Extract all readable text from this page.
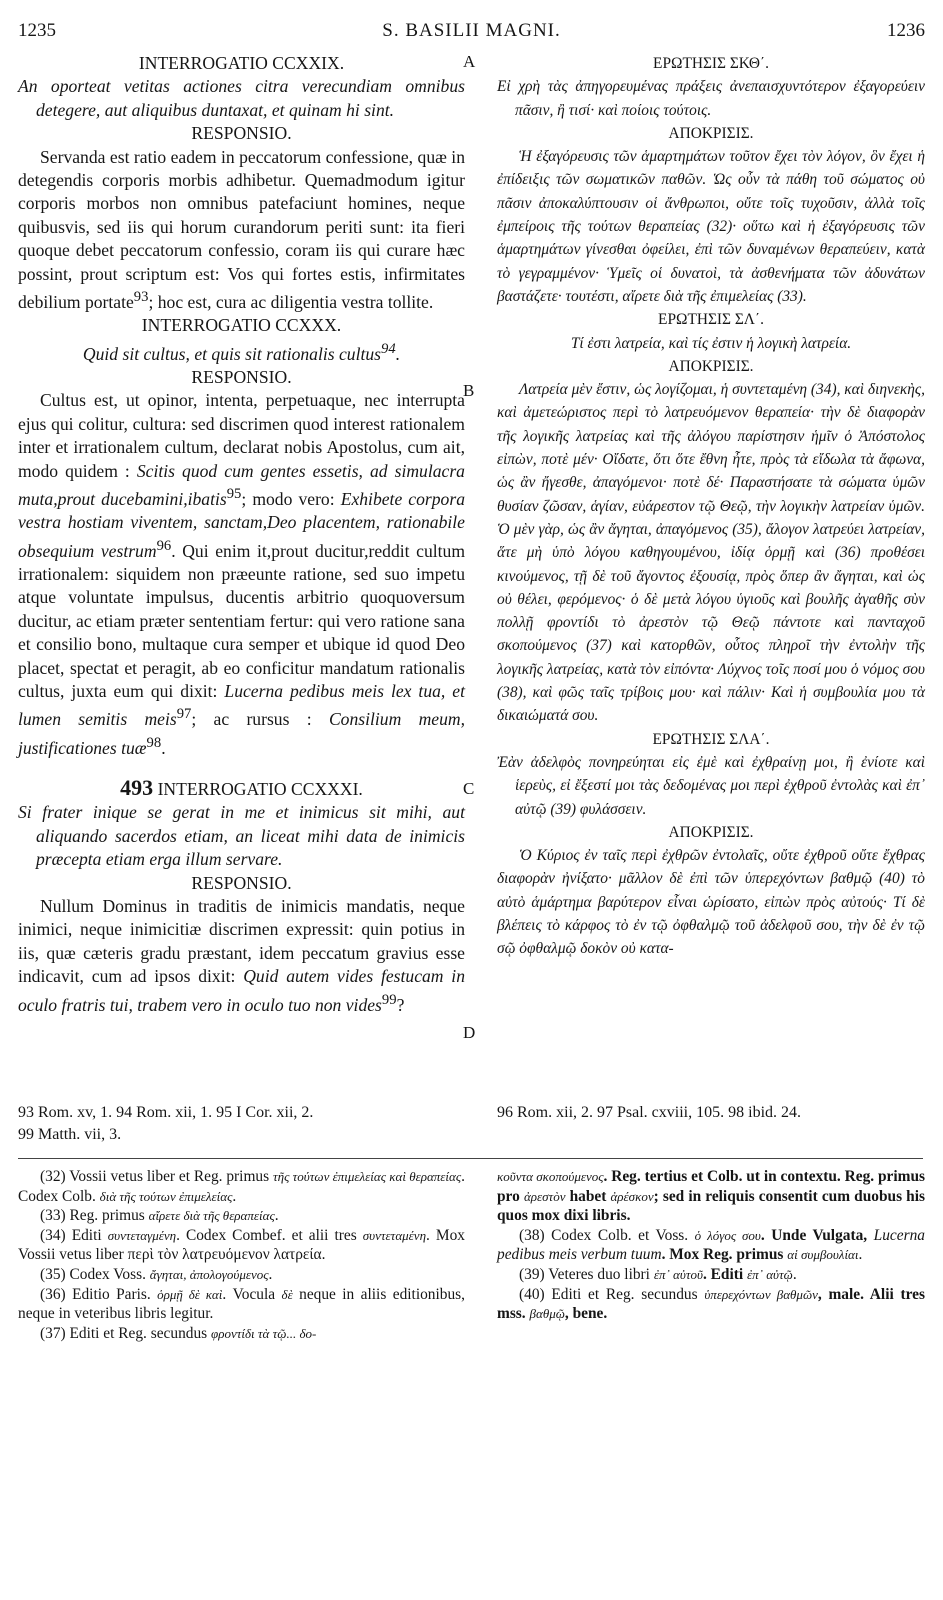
1235	S. BASILII MAGNI.	1236
A
B
C
D

INTERROGATIO CCXXIX.

An oporteat vetitas actiones citra verecundiam omnibus detegere, aut aliquibus duntaxat, et quinam hi sint.

RESPONSIO.

Servanda est ratio eadem in peccatorum confessione, quæ in detegendis corporis morbis adhibetur. Quemadmodum igitur corporis morbos non omnibus patefaciunt homines, neque quibusvis, sed iis qui horum curandorum periti sunt: ita fieri quoque debet peccatorum confessio, coram iis qui curare hæc possint, prout scriptum est: Vos qui fortes estis, infirmitates debilium portate$^{93}$; hoc est, cura ac diligentia vestra tollite.

INTERROGATIO CCXXX.

Quid sit cultus, et quis sit rationalis cultus$^{94}$.

RESPONSIO.

Cultus est, ut opinor, intenta, perpetuaque, nec interrupta ejus qui colitur, cultura: sed discrimen quod interest rationalem inter et irrationalem cultum, declarat nobis Apostolus, cum ait, modo quidem : Scitis quod cum gentes essetis, ad simulacra muta,prout ducebamini,ibatis$^{95}$; modo vero: Exhibete corpora vestra hostiam viventem, sanctam,Deo placentem, rationabile obsequium vestrum$^{96}$. Qui enim it,prout ducitur,reddit cultum irrationalem: siquidem non præeunte ratione, sed suo impetu atque voluntate impulsus, ducentis arbitrio quoquoversum ducitur, ac etiam præter sententiam fertur: qui vero ratione sana et consilio bono, multaque cura semper et ubique id quod Deo placet, spectat et peragit, ab eo conficitur mandatum rationalis cultus, juxta eum qui dixit: Lucerna pedibus meis lex tua, et lumen semitis meis$^{97}$; ac rursus : Consilium meum, justificationes tuæ$^{98}$.

493 INTERROGATIO CCXXXI.

Si frater inique se gerat in me et inimicus sit mihi, aut aliquando sacerdos etiam, an liceat mihi data de inimicis præcepta etiam erga illum servare.

RESPONSIO.

Nullum Dominus in traditis de inimicis mandatis, neque inimici, neque inimicitiæ discrimen expressit: quin potius in iis, quæ cæteris gradu præstant, idem peccatum gravius esse indicavit, cum ad ipsos dixit: Quid autem vides festucam in oculo fratris tui, trabem vero in oculo tuo non vides$^{99}$?

ΕΡΩΤΗΣΙΣ ΣΚΘ΄.

Εἰ χρὴ τὰς ἀπηγορευμένας πράξεις ἀνεπαισχυντότερον ἐξαγορεύειν πᾶσιν, ἢ τισί· καὶ ποίοις τούτοις.

ΑΠΟΚΡΙΣΙΣ.

Ἡ ἐξαγόρευσις τῶν ἁμαρτημάτων τοῦτον ἔχει τὸν λόγον, ὃν ἔχει ἡ ἐπίδειξις τῶν σωματικῶν παθῶν. Ὡς οὖν τὰ πάθη τοῦ σώματος οὐ πᾶσιν ἀποκαλύπτουσιν οἱ ἄνθρωποι, οὔτε τοῖς τυχοῦσιν, ἀλλὰ τοῖς ἐμπείροις τῆς τούτων θεραπείας (32)· οὕτω καὶ ἡ ἐξαγόρευσις τῶν ἁμαρτημάτων γίνεσθαι ὀφείλει, ἐπὶ τῶν δυναμένων θεραπεύειν, κατὰ τὸ γεγραμμένον· Ὑμεῖς οἱ δυνατοὶ, τὰ ἀσθενήματα τῶν ἀδυνάτων βαστάζετε· τουτέστι, αἴρετε διὰ τῆς ἐπιμελείας (33).

ΕΡΩΤΗΣΙΣ ΣΛ΄.

Τί ἐστι λατρεία, καὶ τίς ἐστιν ἡ λογικὴ λατρεία.

ΑΠΟΚΡΙΣΙΣ.

Λατρεία μὲν ἔστιν, ὡς λογίζομαι, ἡ συντεταμένη (34), καὶ διηνεκὴς, καὶ ἀμετεώριστος περὶ τὸ λατρευόμενον θεραπεία· τὴν δὲ διαφορὰν τῆς λογικῆς λατρείας καὶ τῆς ἀλόγου παρίστησιν ἡμῖν ὁ Ἀπόστολος εἰπὼν, ποτὲ μέν· Οἴδατε, ὅτι ὅτε ἔθνη ἦτε, πρὸς τὰ εἴδωλα τὰ ἄφωνα, ὡς ἂν ἤγεσθε, ἀπαγόμενοι· ποτὲ δέ· Παραστήσατε τὰ σώματα ὑμῶν θυσίαν ζῶσαν, ἁγίαν, εὐάρεστον τῷ Θεῷ, τὴν λογικὴν λατρείαν ὑμῶν. Ὁ μὲν γὰρ, ὡς ἂν ἄγηται, ἀπαγόμενος (35), ἄλογον λατρεύει λατρείαν, ἅτε μὴ ὑπὸ λόγου καθηγουμένου, ἰδίᾳ ὁρμῇ καὶ (36) προθέσει κινούμενος, τῇ δὲ τοῦ ἄγοντος ἐξουσίᾳ, πρὸς ὅπερ ἂν ἄγηται, καὶ ὡς οὐ θέλει, φερόμενος· ὁ δὲ μετὰ λόγου ὑγιοῦς καὶ βουλῆς ἀγαθῆς σὺν πολλῇ φροντίδι τὸ ἀρεστὸν τῷ Θεῷ πάντοτε καὶ πανταχοῦ σκοπούμενος (37) καὶ κατορθῶν, οὗτος πληροῖ τὴν ἐντολὴν τῆς λογικῆς λατρείας, κατὰ τὸν εἰπόντα· Λύχνος τοῖς ποσί μου ὁ νόμος σου (38), καὶ φῶς ταῖς τρίβοις μου· καὶ πάλιν· Καὶ ἡ συμβουλία μου τὰ δικαιώματά σου.

ΕΡΩΤΗΣΙΣ ΣΛΑ΄.

Ἐὰν ἀδελφὸς πονηρεύηται εἰς ἐμὲ καὶ ἐχθραίνῃ μοι, ἢ ἐνίοτε καὶ ἱερεὺς, εἰ ἔξεστί μοι τὰς δεδομένας μοι περὶ ἐχθροῦ ἐντολὰς καὶ ἐπ᾽ αὐτῷ (39) φυλάσσειν.

ΑΠΟΚΡΙΣΙΣ.

Ὁ Κύριος ἐν ταῖς περὶ ἐχθρῶν ἐντολαῖς, οὔτε ἐχθροῦ οὔτε ἔχθρας διαφορὰν ἠνίξατο· μᾶλλον δὲ ἐπὶ τῶν ὑπερεχόντων βαθμῷ (40) τὸ αὐτὸ ἁμάρτημα βαρύτερον εἶναι ὡρίσατο, εἰπὼν πρὸς αὐτούς· Τί δὲ βλέπεις τὸ κάρφος τὸ ἐν τῷ ὀφθαλμῷ τοῦ ἀδελφοῦ σου, τὴν δὲ ἐν τῷ σῷ ὀφθαλμῷ δοκὸν οὐ κατα-

93 Rom. xv, 1. 94 Rom. xii, 1. 95 I Cor. xii, 2.
99 Matth. vii, 3.
96 Rom. xii, 2. 97 Psal. cxviii, 105. 98 ibid. 24.

(32) Vossii vetus liber et Reg. primus τῆς τούτων ἐπιμελείας καὶ θεραπείας. Codex Colb. διὰ τῆς τούτων ἐπιμελείας.

(33) Reg. primus αἴρετε διὰ τῆς θεραπείας.

(34) Editi συντεταγμένη. Codex Combef. et alii tres συντεταμένη. Mox Vossii vetus liber περὶ τὸν λατρευόμενον λατρεία.

(35) Codex Voss. ἄγηται, ἀπολογούμενος.

(36) Editio Paris. ὁρμῇ δὲ καὶ. Vocula δὲ neque in aliis editionibus, neque in veteribus libris legitur.

(37) Editi et Reg. secundus φροντίδι τὰ τῷ... δο-

κοῦντα σκοπούμενος. Reg. tertius et Colb. ut in contextu. Reg. primus pro ἀρεστὸν habet ἀρέσκον; sed in reliquis consentit cum duobus his quos mox dixi libris.

(38) Codex Colb. et Voss. ὁ λόγος σου. Unde Vulgata, Lucerna pedibus meis verbum tuum. Mox Reg. primus αἱ συμβουλίαι.

(39) Veteres duo libri ἐπ᾽ αὐτοῦ. Editi ἐπ᾽ αὐτῷ.

(40) Editi et Reg. secundus ὑπερεχόντων βαθμῶν, male. Alii tres mss. βαθμῷ, bene.
